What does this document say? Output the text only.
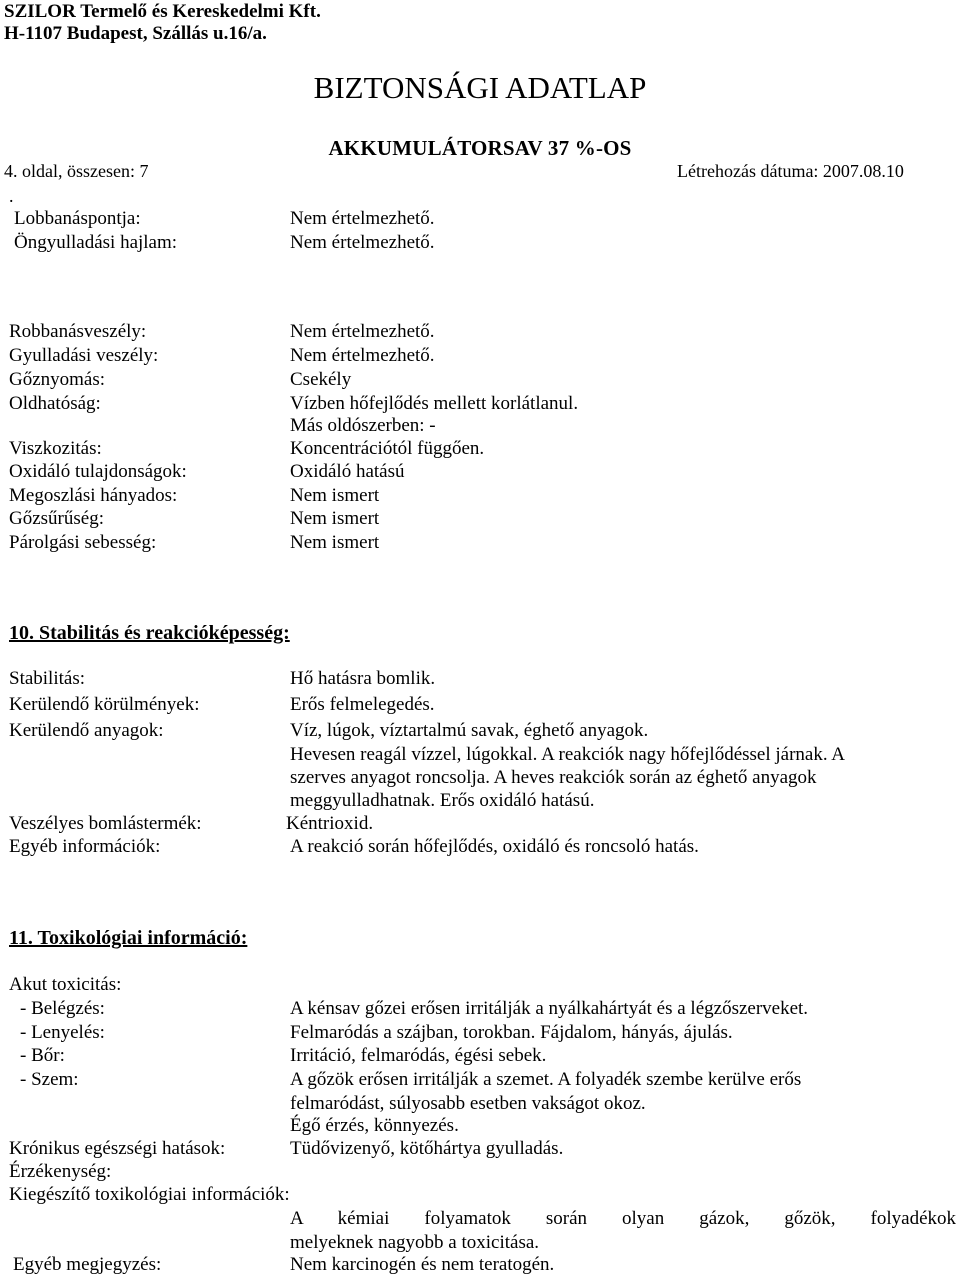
SZILOR Termelő és Kereskedelmi Kft.
H-1107 Budapest, Szállás u.16/a.
BIZTONSÁGI ADATLAP
AKKUMULÁTORSAV 37 %-OS
4. oldal, összesen: 7	Létrehozás dátuma: 2007.08.10
.
Lobbanáspontja:	Nem értelmezhető.
Öngyulladási hajlam:	Nem értelmezhető.
Robbanásveszély:	Nem értelmezhető.
Gyulladási veszély:	Nem értelmezhető.
Gőznyomás:	Csekély
Oldhatóság:	Vízben hőfejlődés mellett korlátlanul.
Más oldószerben: -
Viszkozitás:	Koncentrációtól függően.
Oxidáló tulajdonságok:	Oxidáló hatású
Megoszlási hányados:	Nem ismert
Gőzsűrűség:	Nem ismert
Párolgási sebesség:	Nem ismert
10. Stabilitás és reakcióképesség:
Stabilitás:	Hő hatásra bomlik.
Kerülendő körülmények:	Erős felmelegedés.
Kerülendő anyagok:	Víz, lúgok, víztartalmú savak, éghető anyagok.
Hevesen reagál vízzel, lúgokkal. A reakciók nagy hőfejlődéssel járnak. A
szerves anyagot roncsolja. A heves reakciók során az éghető anyagok
meggyulladhatnak. Erős oxidáló hatású.
Veszélyes bomlástermék:	Kéntrioxid.
Egyéb információk:	A reakció során hőfejlődés, oxidáló és roncsoló hatás.
11. Toxikológiai információ:
Akut toxicitás:
- Belégzés:	A kénsav gőzei erősen irritálják a nyálkahártyát és a légzőszerveket.
- Lenyelés:	Felmaródás a szájban, torokban. Fájdalom, hányás, ájulás.
- Bőr:	Irritáció, felmaródás, égési sebek.
- Szem:	A gőzök erősen irritálják a szemet. A folyadék szembe kerülve erős
felmaródást, súlyosabb esetben vakságot okoz.
Égő érzés, könnyezés.
Krónikus egészségi hatások:	Tüdővizenyő, kötőhártya gyulladás.
Érzékenység:
Kiegészítő toxikológiai információk:
A kémiai folyamatok során olyan gázok, gőzök, folyadékok
melyeknek nagyobb a toxicitása.
Egyéb megjegyzés:	Nem karcinogén és nem teratogén.
